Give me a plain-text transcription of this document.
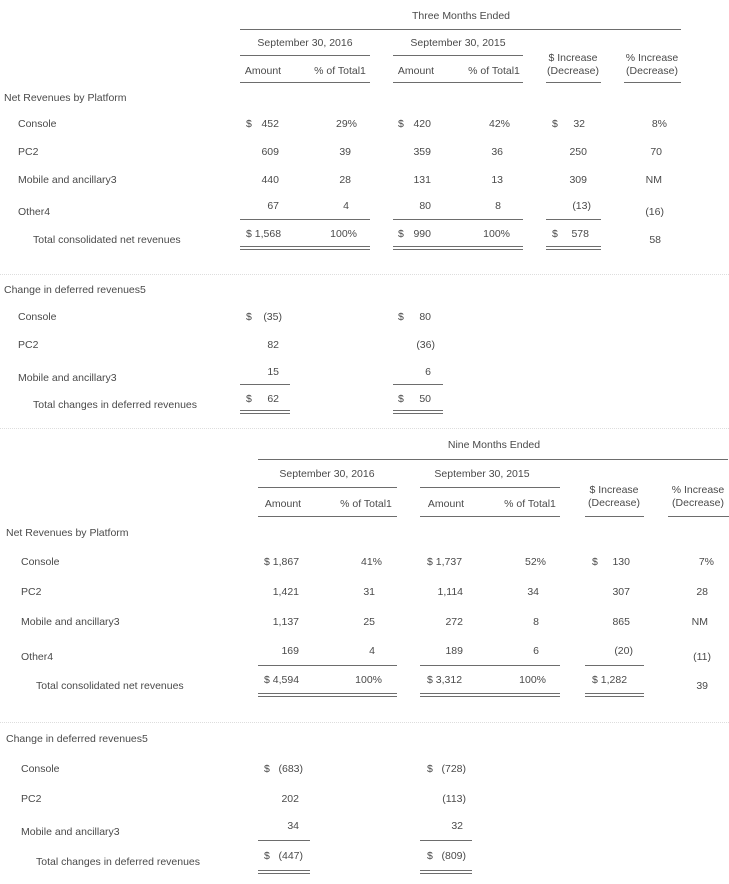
Three Months Ended
September 30, 2016	September 30, 2015
$ Increase
(Decrease)
% Increase
(Decrease)
Amount	% of Total1	Amount	% of Total1
Net Revenues by Platform
Console	$ 452	29%	$ 420	42%	$ 32	8%
PC2	609	39	359	36	250	70
Mobile and ancillary3	440	28	131	13	309	NM
Other4	67	4	80	8	(13)	(16)
Total consolidated net revenues	$ 1,568	100%	$ 990	100%	$ 578	58
Change in deferred revenues5
Console	$ (35)	$ 80
PC2	82	(36)
Mobile and ancillary3	15	6
Total changes in deferred revenues	$ 62	$ 50
Nine Months Ended
September 30, 2016	September 30, 2015
$ Increase
(Decrease)
% Increase
(Decrease)
Amount	% of Total1	Amount	% of Total1
Net Revenues by Platform
Console	$ 1,867	41%	$ 1,737	52%	$ 130	7%
PC2	1,421	31	1,114	34	307	28
Mobile and ancillary3	1,137	25	272	8	865	NM
Other4	169	4	189	6	(20)	(11)
Total consolidated net revenues	$ 4,594	100%	$ 3,312	100%	$ 1,282	39
Change in deferred revenues5
Console	$ (683)	$ (728)
PC2	202	(113)
Mobile and ancillary3	34	32
Total changes in deferred revenues	$ (447)	$ (809)
